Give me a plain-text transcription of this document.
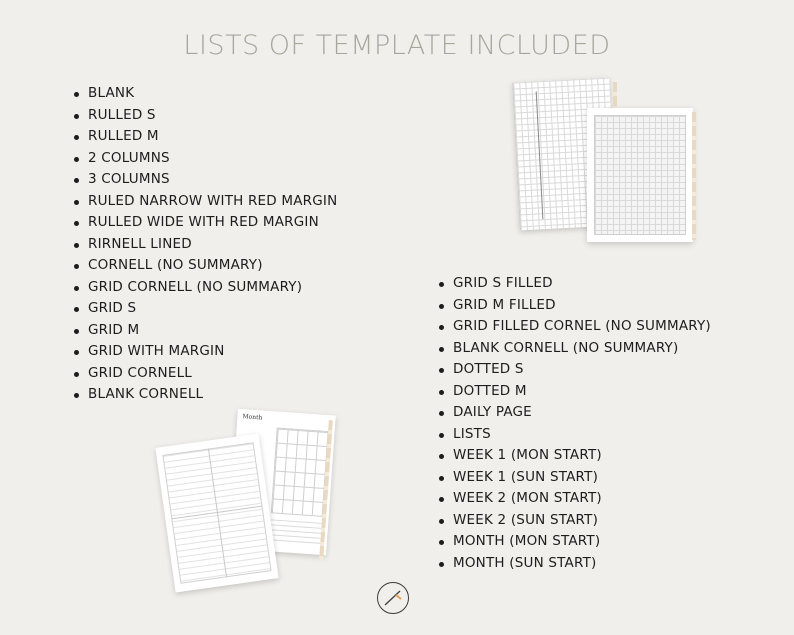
LISTS OF TEMPLATE INCLUDED
BLANK
RULLED S
RULLED M
2 COLUMNS
3 COLUMNS
RULED NARROW WITH RED MARGIN
RULLED WIDE WITH RED MARGIN
RIRNELL LINED
CORNELL (NO SUMMARY)
GRID CORNELL (NO SUMMARY)
GRID S
GRID M
GRID WITH MARGIN
GRID CORNELL
BLANK CORNELL
GRID S FILLED
GRID M FILLED
GRID FILLED CORNEL (NO SUMMARY)
BLANK CORNELL (NO SUMMARY)
DOTTED S
DOTTED M
DAILY PAGE
LISTS
WEEK 1 (MON START)
WEEK 1 (SUN START)
WEEK 2 (MON START)
WEEK 2 (SUN START)
MONTH (MON START)
MONTH (SUN START)
Month
